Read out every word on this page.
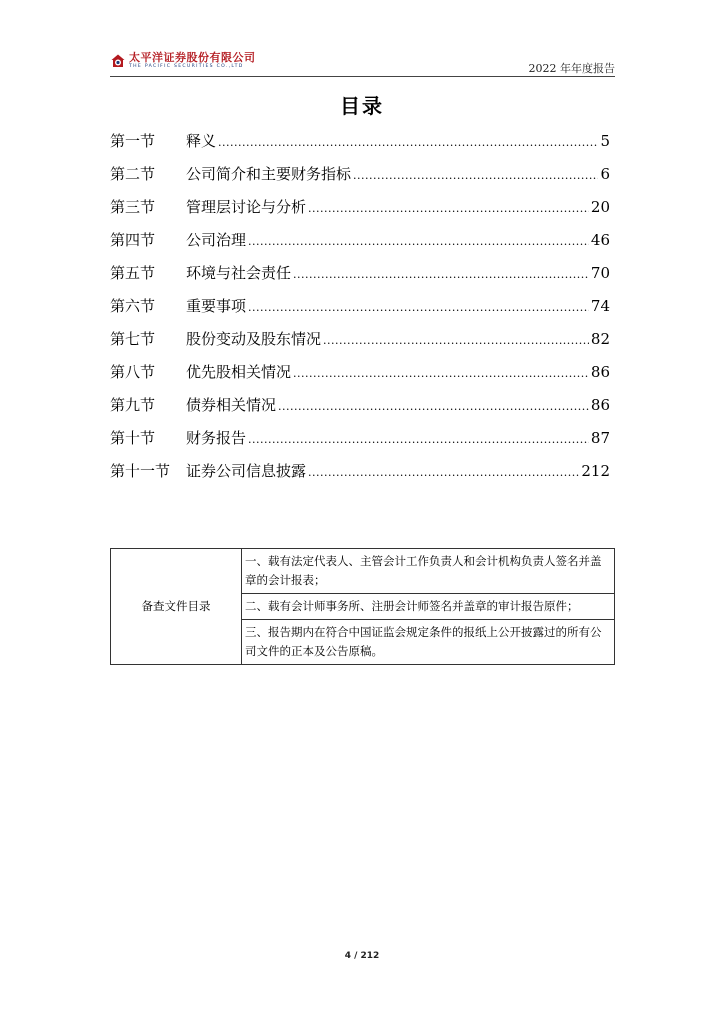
太平洋证券股份有限公司
THE PACIFIC SECURITIES CO.,LTD	2022 年年度报告
目录
第一节	释义 .....	5
第二节	公司简介和主要财务指标 .....	6
第三节	管理层讨论与分析 .....	20
第四节	公司治理 .....	46
第五节	环境与社会责任 .....	70
第六节	重要事项 .....	74
第七节	股份变动及股东情况 .....	82
第八节	优先股相关情况 .....	86
第九节	债券相关情况 .....	86
第十节	财务报告 .....	87
第十一节	证券公司信息披露 .....	212
备查文件目录	一、载有法定代表人、主管会计工作负责人和会计机构负责人签名并盖章的会计报表；
二、载有会计师事务所、注册会计师签名并盖章的审计报告原件；
三、报告期内在符合中国证监会规定条件的报纸上公开披露过的所有公司文件的正本及公告原稿。
4 / 212
